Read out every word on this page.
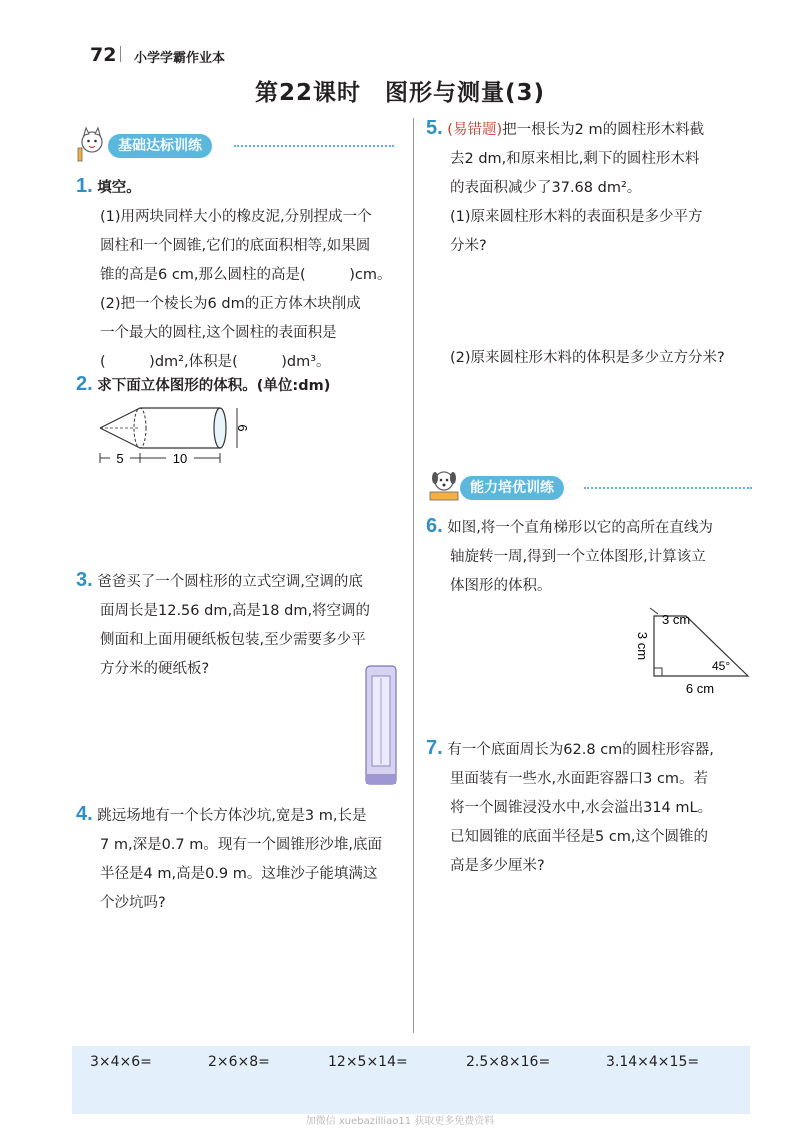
72 小学学霸作业本
第22课时　图形与测量(3)
基础达标训练
1. 填空。
(1)用两块同样大小的橡皮泥,分别捏成一个
圆柱和一个圆锥,它们的底面积相等,如果圆
锥的高是6 cm,那么圆柱的高是(　　　)cm。
(2)把一个棱长为6 dm的正方体木块削成
一个最大的圆柱,这个圆柱的表面积是
(　　　)dm²,体积是(　　　)dm³。
2. 求下面立体图形的体积。(单位:dm)
5	10
6
3. 爸爸买了一个圆柱形的立式空调,空调的底
面周长是12.56 dm,高是18 dm,将空调的
侧面和上面用硬纸板包装,至少需要多少平
方分米的硬纸板?
4. 跳远场地有一个长方体沙坑,宽是3 m,长是
7 m,深是0.7 m。现有一个圆锥形沙堆,底面
半径是4 m,高是0.9 m。这堆沙子能填满这
个沙坑吗?
5. (易错题)把一根长为2 m的圆柱形木料截
去2 dm,和原来相比,剩下的圆柱形木料
的表面积减少了37.68 dm²。
(1)原来圆柱形木料的表面积是多少平方
分米?
(2)原来圆柱形木料的体积是多少立方分米?
能力培优训练
6. 如图,将一个直角梯形以它的高所在直线为
轴旋转一周,得到一个立体图形,计算该立
体图形的体积。
3 cm
3 cm
45°
6 cm
7. 有一个底面周长为62.8 cm的圆柱形容器,
里面装有一些水,水面距容器口3 cm。若
将一个圆锥浸没水中,水会溢出314 mL。
已知圆锥的底面半径是5 cm,这个圆锥的
高是多少厘米?
3×4×6=	2×6×8=	12×5×14=	2.5×8×16=	3.14×4×15=
加微信 xuebazilliao11 获取更多免费资料
